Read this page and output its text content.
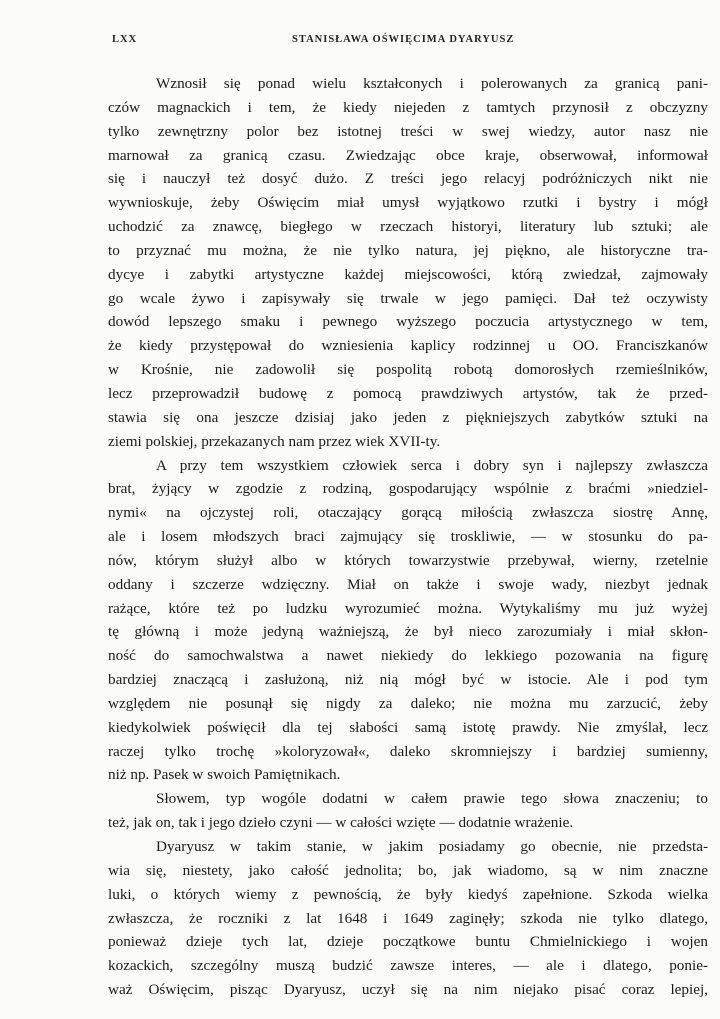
LXX	STANISŁAWA OŚWIĘCIMA DYARYUSZ
Wznosił się ponad wielu kształconych i polerowanych za granicą pani-
czów magnackich i tem, że kiedy niejeden z tamtych przynosił z obczyzny
tylko zewnętrzny polor bez istotnej treści w swej wiedzy, autor nasz nie
marnował za granicą czasu. Zwiedzając obce kraje, obserwował, informował
się i nauczył też dosyć dużo. Z treści jego relacyj podróżniczych nikt nie
wywnioskuje, żeby Oświęcim miał umysł wyjątkowo rzutki i bystry i mógł
uchodzić za znawcę, biegłego w rzeczach historyi, literatury lub sztuki; ale
to przyznać mu można, że nie tylko natura, jej piękno, ale historyczne tra-
dycye i zabytki artystyczne każdej miejscowości, którą zwiedzał, zajmowały
go wcale żywo i zapisywały się trwale w jego pamięci. Dał też oczywisty
dowód lepszego smaku i pewnego wyższego poczucia artystycznego w tem,
że kiedy przystępował do wzniesienia kaplicy rodzinnej u OO. Franciszkanów
w Krośnie, nie zadowolił się pospolitą robotą domorosłych rzemieślników,
lecz przeprowadził budowę z pomocą prawdziwych artystów, tak że przed-
stawia się ona jeszcze dzisiaj jako jeden z piękniejszych zabytków sztuki na
ziemi polskiej, przekazanych nam przez wiek XVII-ty.
A przy tem wszystkiem człowiek serca i dobry syn i najlepszy zwłaszcza
brat, żyjący w zgodzie z rodziną, gospodarujący wspólnie z braćmi »niedziel-
nymi« na ojczystej roli, otaczający gorącą miłością zwłaszcza siostrę Annę,
ale i losem młodszych braci zajmujący się troskliwie, — w stosunku do pa-
nów, którym służył albo w których towarzystwie przebywał, wierny, rzetelnie
oddany i szczerze wdzięczny. Miał on także i swoje wady, niezbyt jednak
rażące, które też po ludzku wyrozumieć można. Wytykaliśmy mu już wyżej
tę główną i może jedyną ważniejszą, że był nieco zarozumiały i miał skłon-
ność do samochwalstwa a nawet niekiedy do lekkiego pozowania na figurę
bardziej znaczącą i zasłużoną, niż nią mógł być w istocie. Ale i pod tym
względem nie posunął się nigdy za daleko; nie można mu zarzucić, żeby
kiedykolwiek poświęcił dla tej słabości samą istotę prawdy. Nie zmyślał, lecz
raczej tylko trochę »koloryzował«, daleko skromniejszy i bardziej sumienny,
niż np. Pasek w swoich Pamiętnikach.
Słowem, typ wogóle dodatni w całem prawie tego słowa znaczeniu; to
też, jak on, tak i jego dzieło czyni — w całości wzięte — dodatnie wrażenie.
Dyaryusz w takim stanie, w jakim posiadamy go obecnie, nie przedsta-
wia się, niestety, jako całość jednolita; bo, jak wiadomo, są w nim znaczne
luki, o których wiemy z pewnością, że były kiedyś zapełnione. Szkoda wielka
zwłaszcza, że roczniki z lat 1648 i 1649 zaginęły; szkoda nie tylko dlatego,
ponieważ dzieje tych lat, dzieje początkowe buntu Chmielnickiego i wojen
kozackich, szczególny muszą budzić zawsze interes, — ale i dlatego, ponie-
waż Oświęcim, pisząc Dyaryusz, uczył się na nim niejako pisać coraz lepiej,
